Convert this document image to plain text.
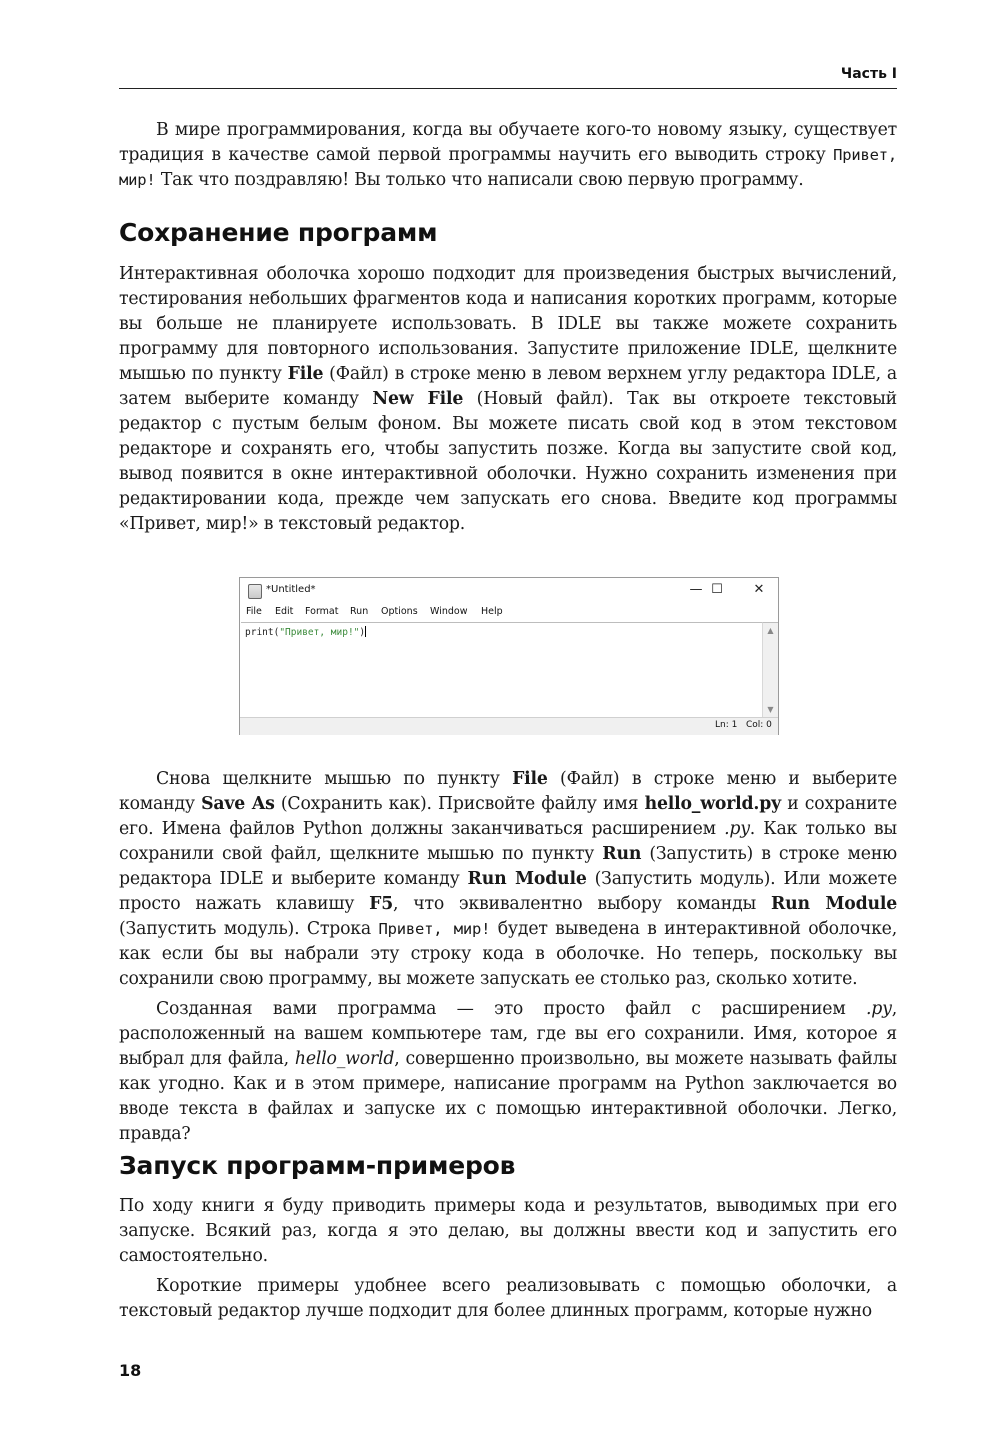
Часть I

В мире программирования, когда вы обучаете кого-то новому языку, существует традиция в качестве самой первой программы научить его выводить строку Привет, мир! Так что поздравляю! Вы только что написали свою первую программу.

Сохранение программ

Интерактивная оболочка хорошо подходит для произведения быстрых вычислений, тестирования небольших фрагментов кода и написания коротких программ, которые вы больше не планируете использовать. В IDLE вы также можете сохранить программу для повторного использования. Запустите приложение IDLE, щелкните мышью по пункту File (Файл) в строке меню в левом верхнем углу редактора IDLE, а затем выберите команду New File (Новый файл). Так вы откроете текстовый редактор с пустым белым фоном. Вы можете писать свой код в этом текстовом редакторе и сохранять его, чтобы запустить позже. Когда вы запустите свой код, вывод появится в окне интерактивной оболочки. Нужно сохранить изменения при редактировании кода, прежде чем запускать его снова. Введите код программы «Привет, мир!» в текстовый редактор.

*Untitled*	— ☐	✕
File Edit Format Run Options Window Help
print("Привет, мир!")	▲
▼
Ln: 1 Col: 0

Снова щелкните мышью по пункту File (Файл) в строке меню и выберите команду Save As (Сохранить как). Присвойте файлу имя hello_world.py и сохраните его. Имена файлов Python должны заканчиваться расширением .py. Как только вы сохранили свой файл, щелкните мышью по пункту Run (Запустить) в строке меню редактора IDLE и выберите команду Run Module (Запустить модуль). Или можете просто нажать клавишу F5, что эквивалентно выбору команды Run Module (Запустить модуль). Строка Привет, мир! будет выведена в интерактивной оболочке, как если бы вы набрали эту строку кода в оболочке. Но теперь, поскольку вы сохранили свою программу, вы можете запускать ее столько раз, сколько хотите.

Созданная вами программа — это просто файл с расширением .py, расположенный на вашем компьютере там, где вы его сохранили. Имя, которое я выбрал для файла, hello_world, совершенно произвольно, вы можете называть файлы как угодно. Как и в этом примере, написание программ на Python заключается во вводе текста в файлах и запуске их с помощью интерактивной оболочки. Легко, правда?

Запуск программ-примеров

По ходу книги я буду приводить примеры кода и результатов, выводимых при его запуске. Всякий раз, когда я это делаю, вы должны ввести код и запустить его самостоятельно.

Короткие примеры удобнее всего реализовывать с помощью оболочки, а текстовый редактор лучше подходит для более длинных программ, которые нужно

18
